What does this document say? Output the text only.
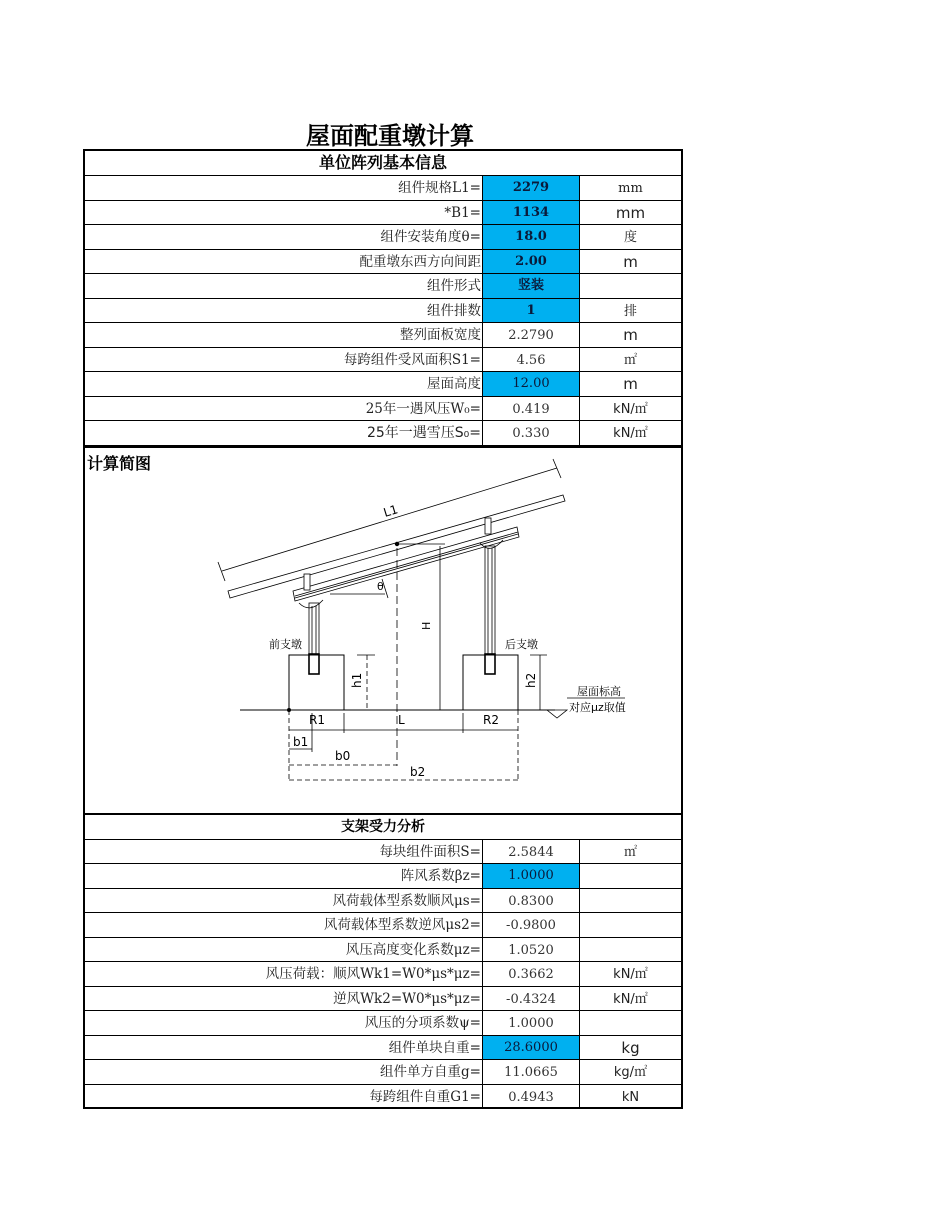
屋面配重墩计算
单位阵列基本信息
组件规格L1=	2279	mm
*B1=	1134	mm
组件安装角度θ=	18.0	度
配重墩东西方向间距	2.00	m
组件形式	竖装
组件排数	1	排
整列面板宽度	2.2790	m
每跨组件受风面积S1=	4.56	㎡
屋面高度	12.00	m
25年一遇风压W₀=	0.419	kN/㎡
25年一遇雪压S₀=	0.330	kN/㎡
计算简图
L1
θ
H
前支墩	后支墩
h1	h2
R1	R2
L
b1
b0
b2
屋面标高
对应μz取值
支架受力分析
每块组件面积S=	2.5844	㎡
阵风系数βz=	1.0000
风荷载体型系数顺风μs=	0.8300
风荷载体型系数逆风μs2=	-0.9800
风压高度变化系数μz=	1.0520
风压荷载：顺风Wk1=W0*μs*μz=	0.3662	kN/㎡
逆风Wk2=W0*μs*μz=	-0.4324	kN/㎡
风压的分项系数ψ=	1.0000
组件单块自重=	28.6000	kg
组件单方自重g=	11.0665	kg/㎡
每跨组件自重G1=	0.4943	kN
